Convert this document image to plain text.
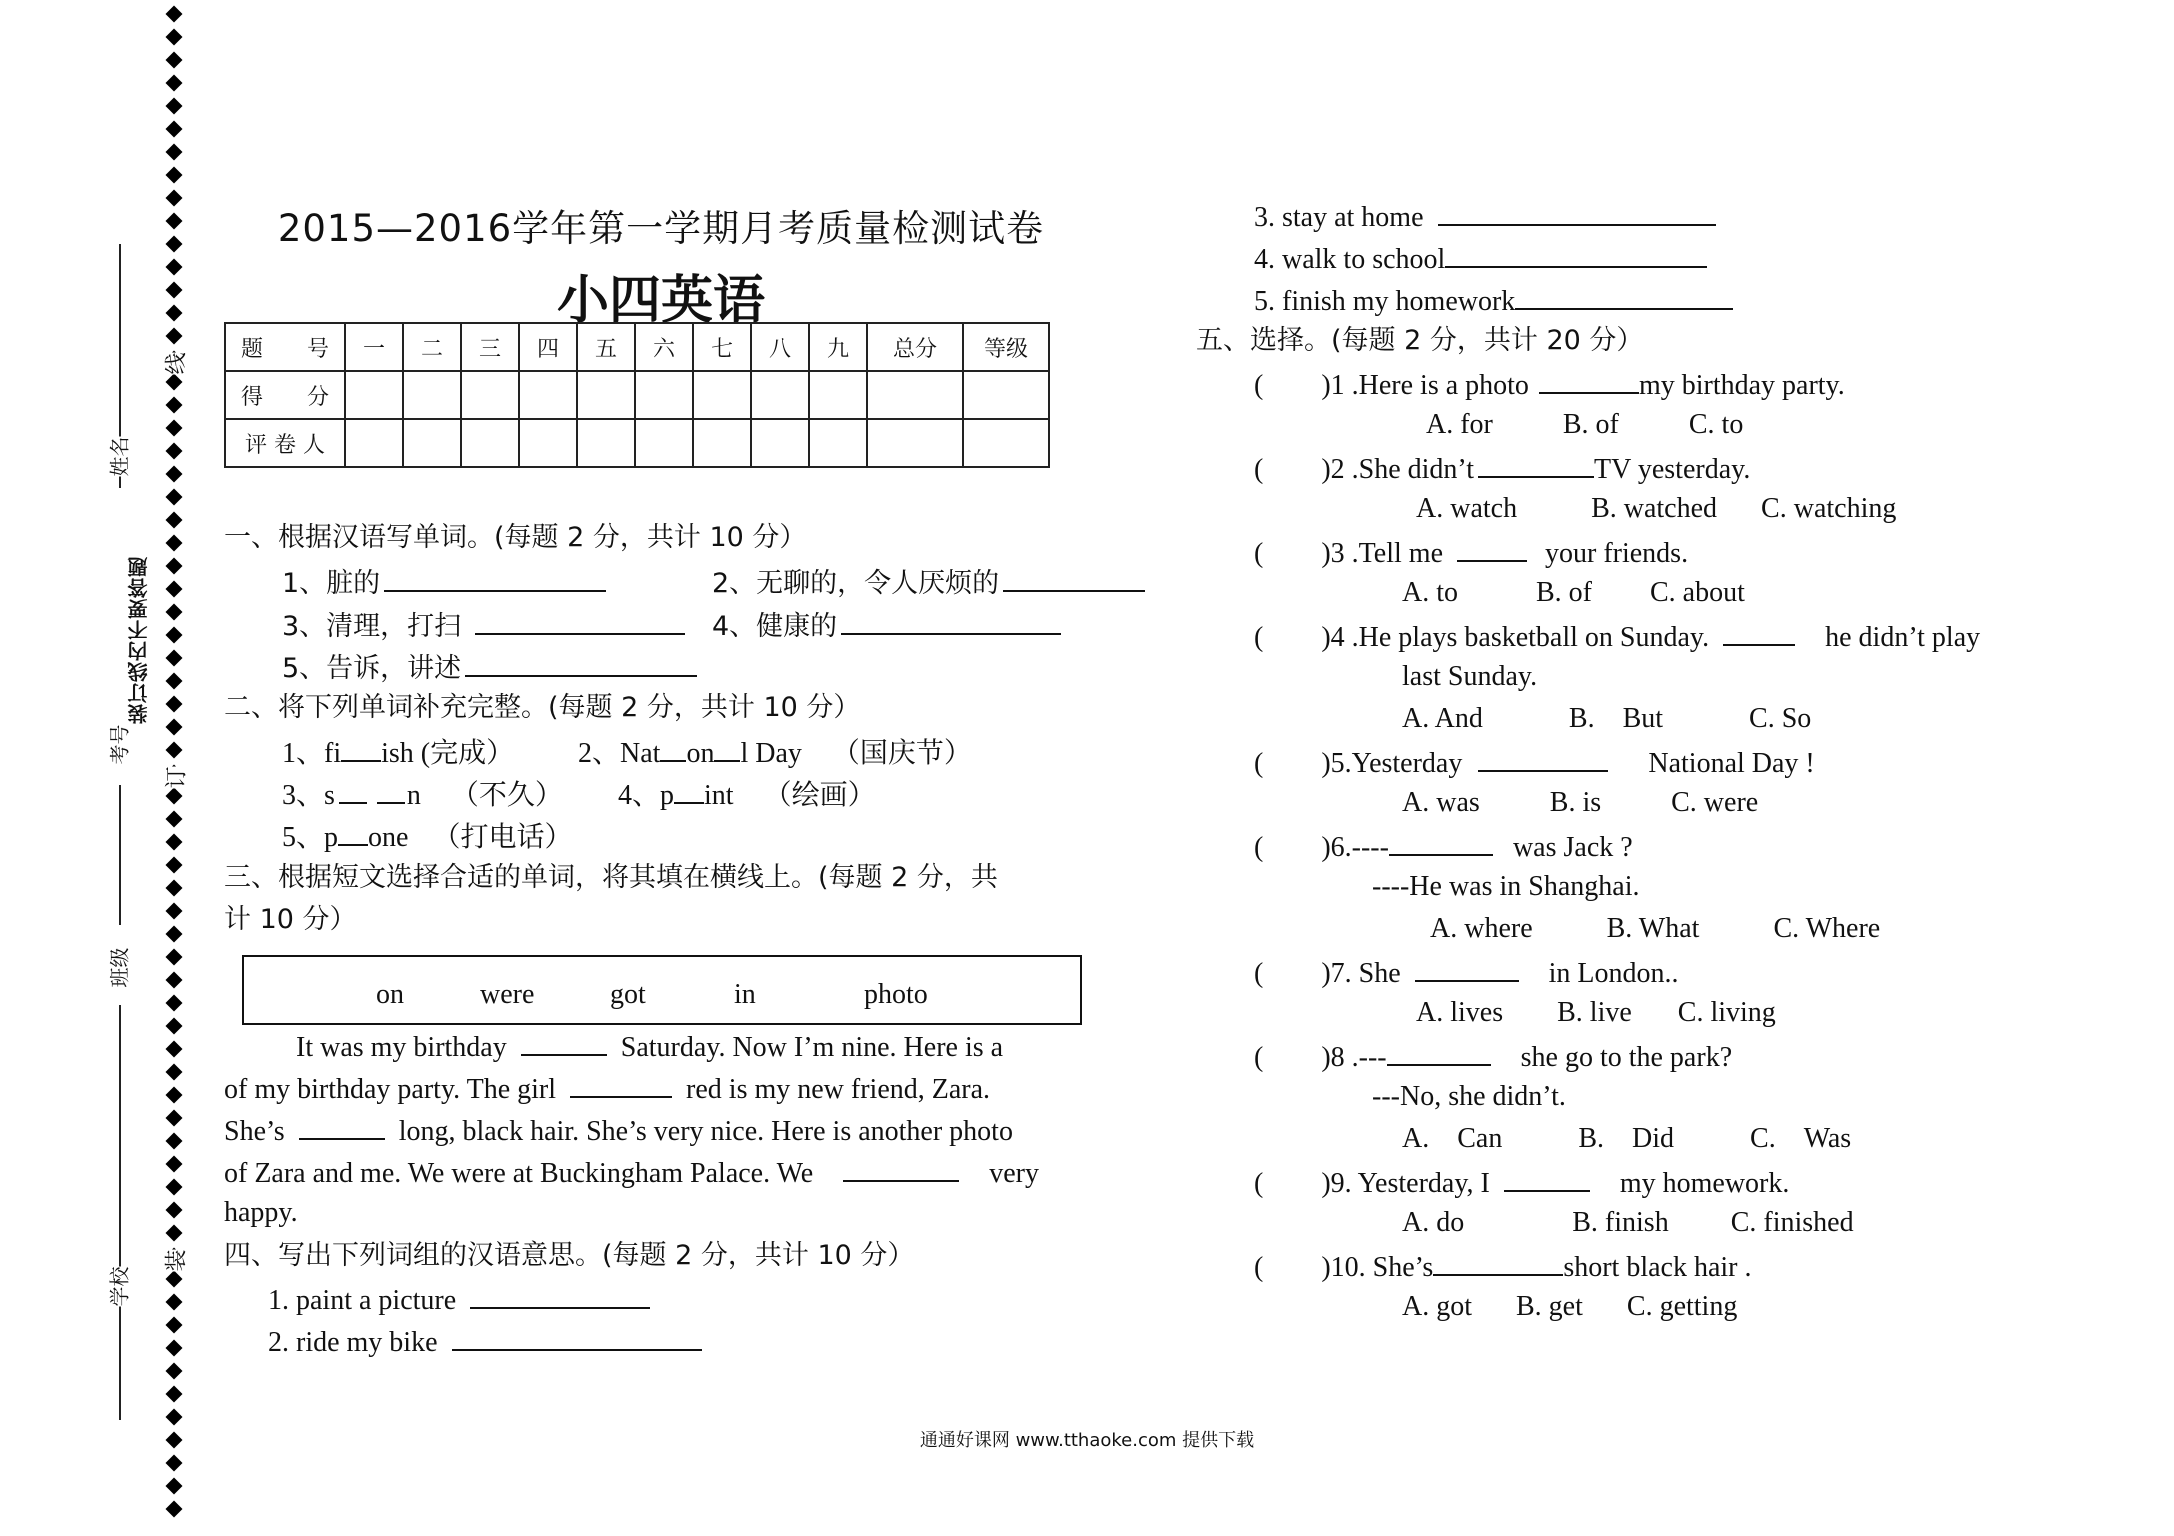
姓名
考号
班级
学校
装订线内不要答题
线
订
装
2015—2016学年第一学期月考质量检测试卷
小四英语
题　　号	一	二	三	四	五	六	七	八	九	总分	等级
得　　分											
评 卷 人											
一、根据汉语写单词。(每题 2 分，共计 10 分）
1、脏的	2、无聊的，令人厌烦的
3、清理，打扫	4、健康的
5、告诉，讲述
二、将下列单词补充完整。(每题 2 分，共计 10 分）
1、fi ish (完成） 2、Nat on l Day （国庆节）
3、s	n （不久） 4、p int （绘画）
5、p one （打电话）
三、根据短文选择合适的单词，将其填在横线上。(每题 2 分，共
计 10 分）
on	were	got	in	photo
It was my birthday	Saturday. Now I’m nine. Here is a
of my birthday party. The girl	red is my new friend, Zara.
She’s	long, black hair. She’s very nice. Here is another photo
of Zara and me. We were at Buckingham Palace. We	very
happy.
四、写出下列词组的汉语意思。(每题 2 分，共计 10 分）
1. paint a picture
2. ride my bike
3. stay at home
4. walk to school
5. finish my homework
五、选择。(每题 2 分，共计 20 分）
( )1 .Here is a photo	my birthday party.
A. for	B. of	C. to
( )2 .She didn’t	TV yesterday.
A. watch	B. watched C. watching
( )3 .Tell me	your friends.
A. to	B. of C. about
( )4 .He plays basketball on Sunday.	he didn’t play
last Sunday.
A. And	B.　But	C. So
( )5.Yesterday	National Day !
A. was	B. is	C. were
( )6.----	was Jack ?
----He was in Shanghai.
A. where	B. What	C. Where
( )7. She	in London..
A. lives B. live C. living
( )8 .---	she go to the park?
---No, she didn’t.
A.　Can	B.　Did	C.　Was
( )9. Yesterday, I	my homework.
A. do	B. finish C. finished
( )10. She’s	short black hair .
A. got B. get C. getting
通通好课网 www.tthaoke.com 提供下载
